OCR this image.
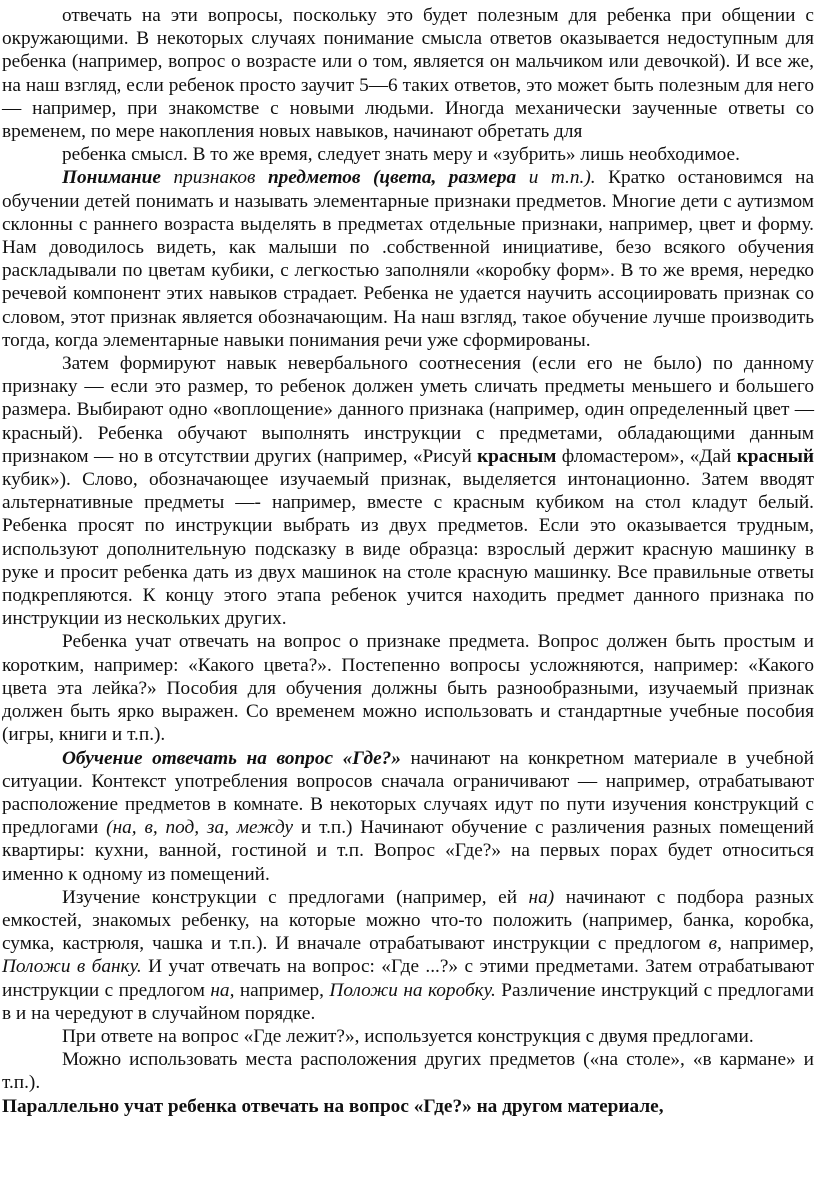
отвечать на эти вопросы, поскольку это будет полезным для ребенка при общении с
окружающими. В некоторых случаях понимание смысла ответов оказывается недоступным для ребенка (например, вопрос о возрасте или о том, является он мальчиком или девочкой). И все же, на наш взгляд, если ребенок просто заучит 5—6 таких ответов, это может быть полезным для него — например, при знакомстве с новыми людьми. Иногда механически заученные ответы со временем, по мере накопления новых навыков, начинают обретать для
ребенка смысл. В то же время, следует знать меру и «зубрить» лишь необходимое.

Понимание признаков предметов (цвета, размера и т.п.). Кратко остановимся на обучении детей понимать и называть элементарные признаки предметов. Многие дети с аутизмом склонны с раннего возраста выделять в предметах отдельные признаки, например, цвет и форму. Нам доводилось видеть, как малыши по .собственной инициативе, безо всякого обучения раскладывали по цветам кубики, с легкостью заполняли «коробку форм». В то же время, нередко речевой компонент этих навыков страдает. Ребенка не удается научить ассоциировать признак со словом, этот признак является обозначающим. На наш взгляд, такое обучение лучше производить тогда, когда элементарные навыки понимания речи уже сформированы.

Затем формируют навык невербального соотнесения (если его не было) по данному признаку — если это размер, то ребенок должен уметь сличать предметы меньшего и большего размера. Выбирают одно «воплощение» данного признака (например, один определенный цвет — красный). Ребенка обучают выполнять инструкции с предметами, обладающими данным признаком — но в отсутствии других (например, «Рисуй красным фломастером», «Дай красный кубик»). Слово, обозначающее изучаемый признак, выделяется интонационно. Затем вводят альтернативные предметы —- например, вместе с красным кубиком на стол кладут белый. Ребенка просят по инструкции выбрать из двух предметов. Если это оказывается трудным, используют дополнительную подсказку в виде образца: взрослый держит красную машинку в руке и просит ребенка дать из двух машинок на столе красную машинку. Все правильные ответы подкрепляются. К концу этого этапа ребенок учится находить предмет данного признака по инструкции из нескольких других.

Ребенка учат отвечать на вопрос о признаке предмета. Вопрос должен быть простым и коротким, например: «Какого цвета?». Постепенно вопросы усложняются, например: «Какого цвета эта лейка?» Пособия для обучения должны быть разнообразными, изучаемый признак должен быть ярко выражен. Со временем можно использовать и стандартные учебные пособия (игры, книги и т.п.).

Обучение отвечать на вопрос «Где?» начинают на конкретном материале в учебной ситуации. Контекст употребления вопросов сначала ограничивают — например, отрабатывают расположение предметов в комнате. В некоторых случаях идут по пути изучения конструкций с предлогами (на, в, под, за, между и т.п.) Начинают обучение с различения разных помещений квартиры: кухни, ванной, гостиной и т.п. Вопрос «Где?» на первых порах будет относиться именно к одному из помещений.

Изучение конструкции с предлогами (например, ей на) начинают с подбора разных емкостей, знакомых ребенку, на которые можно что-то положить (например, банка, коробка, сумка, кастрюля, чашка и т.п.). И вначале отрабатывают инструкции с предлогом в, например, Положи в банку. И учат отвечать на вопрос: «Где ...?» с этими предметами. Затем отрабатывают инструкции с предлогом на, например, Положи на коробку. Различение инструкций с предлогами в и на чередуют в случайном порядке.

При ответе на вопрос «Где лежит?», используется конструкция с двумя предлогами.

Можно использовать места расположения других предметов («на столе», «в кармане» и т.п.).

Параллельно учат ребенка отвечать на вопрос «Где?» на другом материале,
